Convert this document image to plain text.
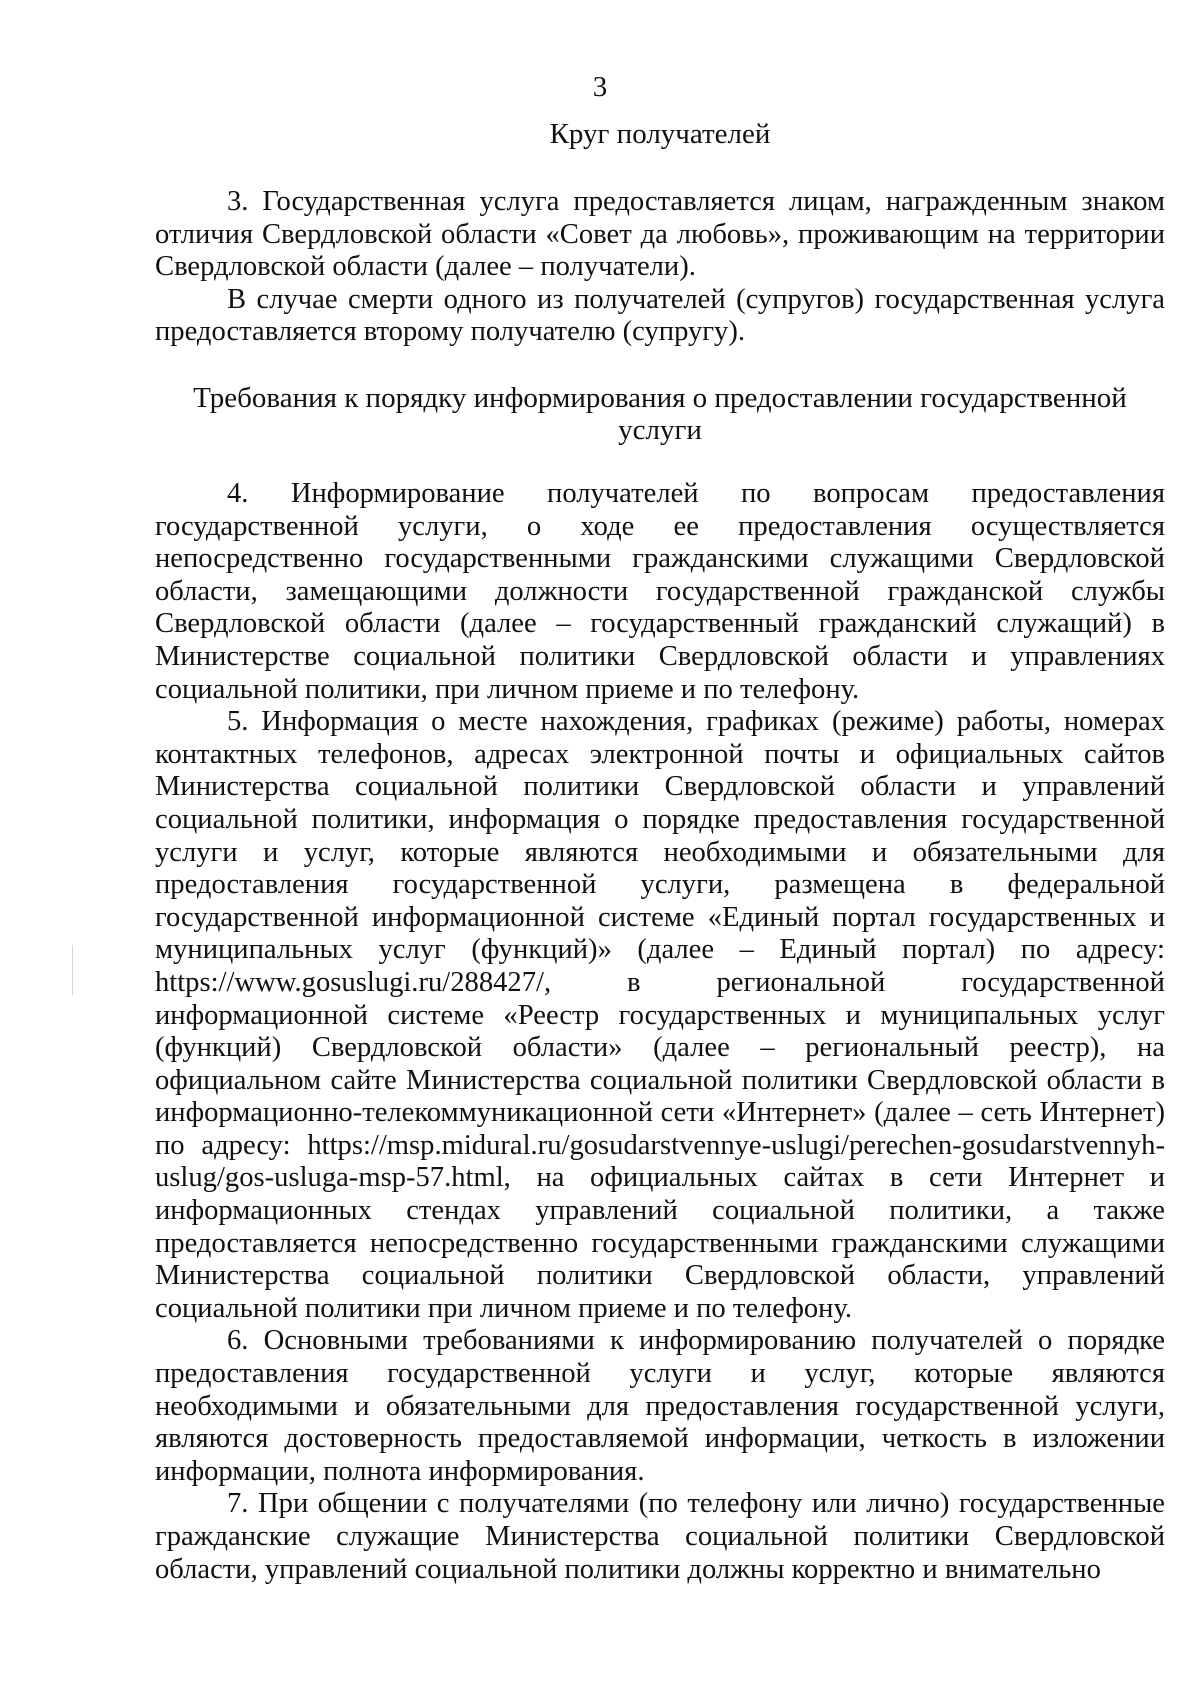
3
Круг получателей

3. Государственная услуга предоставляется лицам, награжденным знаком отличия Свердловской области «Совет да любовь», проживающим на территории Свердловской области (далее – получатели).

В случае смерти одного из получателей (супругов) государственная услуга предоставляется второму получателю (супругу).

Требования к порядку информирования о предоставлении государственной услуги

4. Информирование получателей по вопросам предоставления государственной услуги, о ходе ее предоставления осуществляется непосредственно государственными гражданскими служащими Свердловской области, замещающими должности государственной гражданской службы Свердловской области (далее – государственный гражданский служащий) в Министерстве социальной политики Свердловской области и управлениях социальной политики, при личном приеме и по телефону.

5. Информация о месте нахождения, графиках (режиме) работы, номерах контактных телефонов, адресах электронной почты и официальных сайтов Министерства социальной политики Свердловской области и управлений социальной политики, информация о порядке предоставления государственной услуги и услуг, которые являются необходимыми и обязательными для предоставления государственной услуги, размещена в федеральной государственной информационной системе «Единый портал государственных и муниципальных услуг (функций)» (далее – Единый портал) по адресу: https://www.gosuslugi.ru/288427/, в региональной государственной информационной системе «Реестр государственных и муниципальных услуг (функций) Свердловской области» (далее – региональный реестр), на официальном сайте Министерства социальной политики Свердловской области в информационно-телекоммуникационной сети «Интернет» (далее – сеть Интернет) по адресу: https://msp.midural.ru/gosudarstvennye-uslugi/perechen-gosudarstvennyh-uslug/gos-usluga-msp-57.html, на официальных сайтах в сети Интернет и информационных стендах управлений социальной политики, а также предоставляется непосредственно государственными гражданскими служащими Министерства социальной политики Свердловской области, управлений социальной политики при личном приеме и по телефону.

6. Основными требованиями к информированию получателей о порядке предоставления государственной услуги и услуг, которые являются необходимыми и обязательными для предоставления государственной услуги, являются достоверность предоставляемой информации, четкость в изложении информации, полнота информирования.

7. При общении с получателями (по телефону или лично) государственные гражданские служащие Министерства социальной политики Свердловской области, управлений социальной политики должны корректно и внимательно
